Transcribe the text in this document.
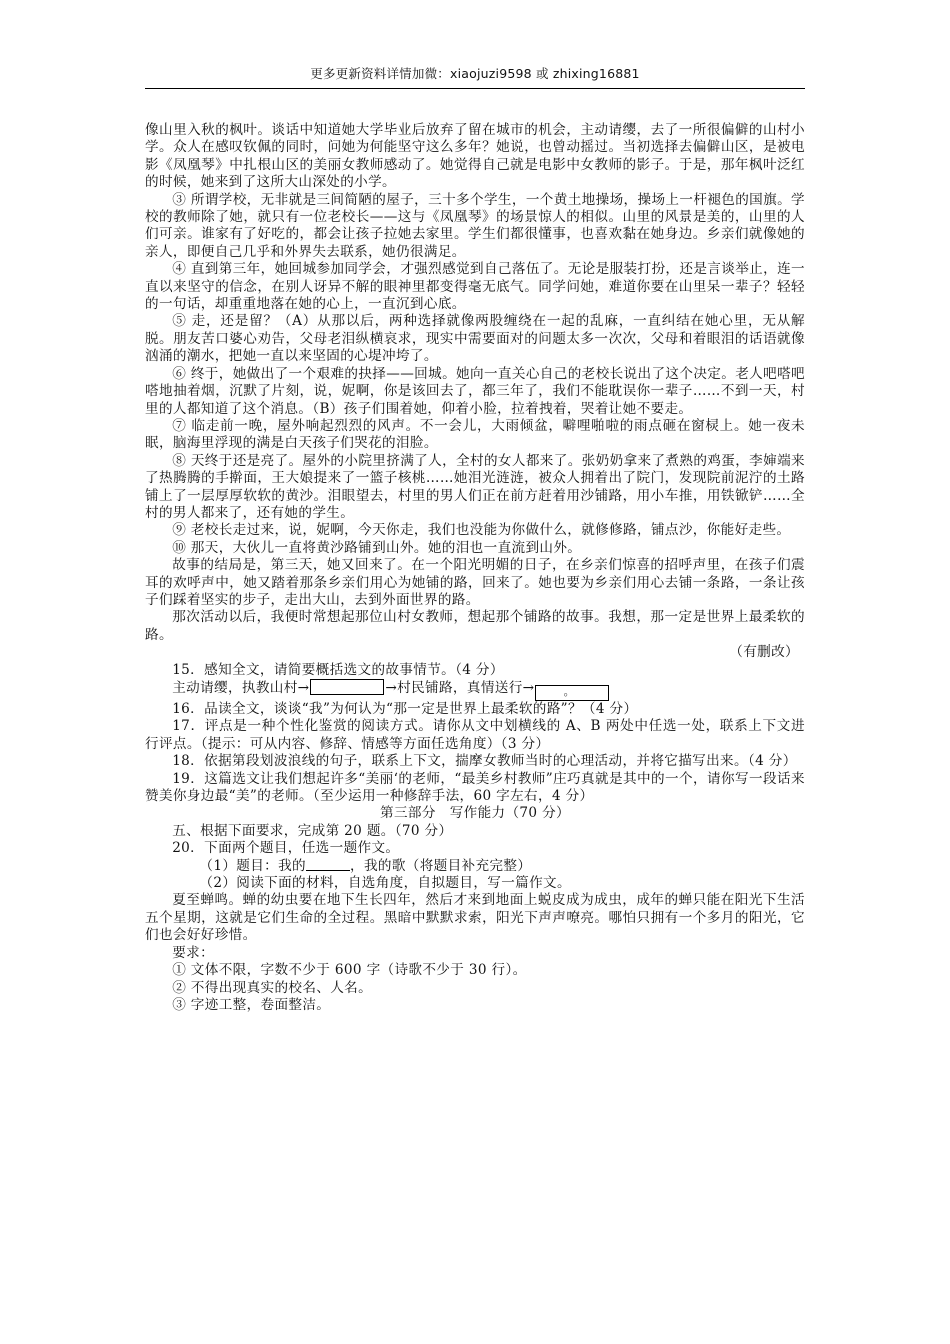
更多更新资料详情加微：xiaojuzi9598 或 zhixing16881

像山里入秋的枫叶。谈话中知道她大学毕业后放弃了留在城市的机会，主动请缨，去了一所很偏僻的山村小学。众人在感叹钦佩的同时，问她为何能坚守这么多年？她说，也曾动摇过。当初选择去偏僻山区，是被电影《凤凰琴》中扎根山区的美丽女教师感动了。她觉得自己就是电影中女教师的影子。于是，那年枫叶泛红的时候，她来到了这所大山深处的小学。

③ 所谓学校，无非就是三间简陋的屋子，三十多个学生，一个黄土地操场，操场上一杆褪色的国旗。学校的教师除了她，就只有一位老校长——这与《凤凰琴》的场景惊人的相似。山里的风景是美的，山里的人们可亲。谁家有了好吃的，都会让孩子拉她去家里。学生们都很懂事，也喜欢黏在她身边。乡亲们就像她的亲人，即便自己几乎和外界失去联系，她仍很满足。

④ 直到第三年，她回城参加同学会，才强烈感觉到自己落伍了。无论是服装打扮，还是言谈举止，连一直以来坚守的信念，在别人讶异不解的眼神里都变得毫无底气。同学问她，难道你要在山里呆一辈子？轻轻的一句话，却重重地落在她的心上，一直沉到心底。

⑤ 走，还是留？（A）从那以后，两种选择就像两股缠绕在一起的乱麻，一直纠结在她心里，无从解脱。朋友苦口婆心劝告，父母老泪纵横哀求，现实中需要面对的问题太多一次次，父母和着眼泪的话语就像汹涌的潮水，把她一直以来坚固的心堤冲垮了。

⑥ 终于，她做出了一个艰难的抉择——回城。她向一直关心自己的老校长说出了这个决定。老人吧嗒吧嗒地抽着烟，沉默了片刻，说，妮啊，你是该回去了，都三年了，我们不能耽误你一辈子……不到一天，村里的人都知道了这个消息。（B）孩子们围着她，仰着小脸，拉着拽着，哭着让她不要走。

⑦ 临走前一晚，屋外响起烈烈的风声。不一会儿，大雨倾盆，噼哩啪啦的雨点砸在窗棂上。她一夜未眠，脑海里浮现的满是白天孩子们哭花的泪脸。

⑧ 天终于还是亮了。屋外的小院里挤满了人，全村的女人都来了。张奶奶拿来了煮熟的鸡蛋，李婶端来了热腾腾的手擀面，王大娘提来了一篮子核桃……她泪光涟涟，被众人拥着出了院门，发现院前泥泞的土路铺上了一层厚厚软软的黄沙。泪眼望去，村里的男人们正在前方赶着用沙铺路，用小车推，用铁锨铲……全村的男人都来了，还有她的学生。

⑨ 老校长走过来，说，妮啊，今天你走，我们也没能为你做什么，就修修路，铺点沙，你能好走些。

⑩ 那天，大伙儿一直将黄沙路铺到山外。她的泪也一直流到山外。

故事的结局是，第三天，她又回来了。在一个阳光明媚的日子，在乡亲们惊喜的招呼声里，在孩子们震耳的欢呼声中，她又踏着那条乡亲们用心为她铺的路，回来了。她也要为乡亲们用心去铺一条路，一条让孩子们踩着坚实的步子，走出大山，去到外面世界的路。

那次活动以后，我便时常想起那位山村女教师，想起那个铺路的故事。我想，那一定是世界上最柔软的路。

（有删改）

15．感知全文，请简要概括选文的故事情节。（4 分）

主动请缨，执教山村→	→村民铺路，真情送行→	。

16．品读全文，谈谈“我”为何认为“那一定是世界上最柔软的路”？（4 分）

17．评点是一种个性化鉴赏的阅读方式。请你从文中划横线的 A、B 两处中任选一处，联系上下文进行评点。（提示：可从内容、修辞、情感等方面任选角度）（3 分）

18．依据第段划波浪线的句子，联系上下文，揣摩女教师当时的心理活动，并将它描写出来。（4 分）

19．这篇选文让我们想起许多“美丽‘的老师，“最美乡村教师”庄巧真就是其中的一个，请你写一段话来赞美你身边最“美”的老师。（至少运用一种修辞手法，60 字左右，4 分）

第三部分　写作能力（70 分）

五、根据下面要求，完成第 20 题。（70 分）

20．下面两个题目，任选一题作文。

（1）题目：我的	，我的歌（将题目补充完整）

（2）阅读下面的材料，自选角度，自拟题目，写一篇作文。

夏至蝉鸣。蝉的幼虫要在地下生长四年，然后才来到地面上蜕皮成为成虫，成年的蝉只能在阳光下生活五个星期，这就是它们生命的全过程。黑暗中默默求索，阳光下声声嘹亮。哪怕只拥有一个多月的阳光，它们也会好好珍惜。

要求：

① 文体不限，字数不少于 600 字（诗歌不少于 30 行）。

② 不得出现真实的校名、人名。

③ 字迹工整，卷面整洁。
